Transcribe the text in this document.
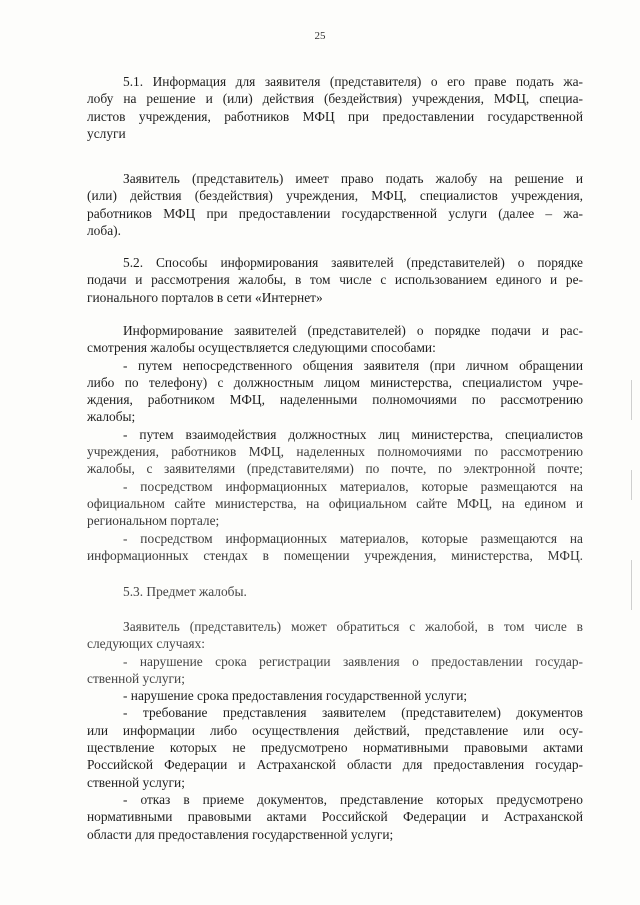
25
5.1. Информация для заявителя (представителя) о его праве подать жа-
лобу на решение и (или) действия (бездействия) учреждения, МФЦ, специа-
листов учреждения, работников МФЦ при предоставлении государственной
услуги
Заявитель (представитель) имеет право подать жалобу на решение и
(или) действия (бездействия) учреждения, МФЦ, специалистов учреждения,
работников МФЦ при предоставлении государственной услуги (далее – жа-
лоба).
5.2. Способы информирования заявителей (представителей) о порядке
подачи и рассмотрения жалобы, в том числе с использованием единого и ре-
гионального порталов в сети «Интернет»
Информирование заявителей (представителей) о порядке подачи и рас-
смотрения жалобы осуществляется следующими способами:
- путем непосредственного общения заявителя (при личном обращении
либо по телефону) с должностным лицом министерства, специалистом учре-
ждения, работником МФЦ, наделенными полномочиями по рассмотрению
жалобы;
- путем взаимодействия должностных лиц министерства, специалистов
учреждения, работников МФЦ, наделенных полномочиями по рассмотрению
жалобы, с заявителями (представителями) по почте, по электронной почте;
- посредством информационных материалов, которые размещаются на
официальном сайте министерства, на официальном сайте МФЦ, на едином и
региональном портале;
- посредством информационных материалов, которые размещаются на
информационных стендах в помещении учреждения, министерства, МФЦ.
5.3. Предмет жалобы.
Заявитель (представитель) может обратиться с жалобой, в том числе в
следующих случаях:
- нарушение срока регистрации заявления о предоставлении государ-
ственной услуги;
- нарушение срока предоставления государственной услуги;
- требование представления заявителем (представителем) документов
или информации либо осуществления действий, представление или осу-
ществление которых не предусмотрено нормативными правовыми актами
Российской Федерации и Астраханской области для предоставления государ-
ственной услуги;
- отказ в приеме документов, представление которых предусмотрено
нормативными правовыми актами Российской Федерации и Астраханской
области для предоставления государственной услуги;
